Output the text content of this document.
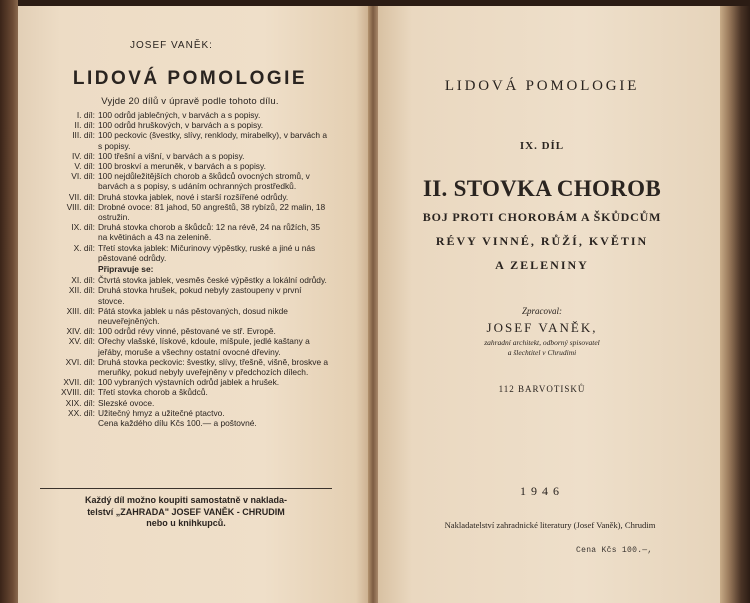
JOSEF VANĚK:
LIDOVÁ POMOLOGIE
Vyjde 20 dílů v úpravě podle tohoto dílu.
I. díl: 100 odrůd jablečných, v barvách a s popisy.
II. díl: 100 odrůd hruškových, v barvách a s popisy.
III. díl: 100 peckovic (švestky, slívy, renklody, mirabelky), v barvách a s popisy.
IV. díl: 100 třešní a višní, v barvách a s popisy.
V. díl: 100 broskví a meruněk, v barvách a s popisy.
VI. díl: 100 nejdůležitějších chorob a škůdců ovocných stromů, v barvách a s popisy, s udáním ochranných prostředků.
VII. díl: Druhá stovka jablek, nové i starší rozšířené odrůdy.
VIII. díl: Drobné ovoce: 81 jahod, 50 angreštů, 38 rybízů, 22 malin, 18 ostružin.
IX. díl: Druhá stovka chorob a škůdců: 12 na révě, 24 na růžích, 35 na květinách a 43 na zelenině.
X. díl: Třetí stovka jablek: Mičurinovy výpěstky, ruské a jiné u nás pěstované odrůdy.
Připravuje se:
XI. díl: Čtvrtá stovka jablek, vesměs české výpěstky a lokální odrůdy.
XII. díl: Druhá stovka hrušek, pokud nebyly zastoupeny v první stovce.
XIII. díl: Pátá stovka jablek u nás pěstovaných, dosud nikde neuveřejněných.
XIV. díl: 100 odrůd révy vinné, pěstované ve stř. Evropě.
XV. díl: Ořechy vlašské, lískové, kdoule, míšpule, jedlé kaštany a jeřáby, moruše a všechny ostatní ovocné dřeviny.
XVI. díl: Druhá stovka peckovic: švestky, slívy, třešně, višně, broskve a meruňky, pokud nebyly uveřejněny v předchozích dílech.
XVII. díl: 100 vybraných výstavních odrůd jablek a hrušek.
XVIII. díl: Třetí stovka chorob a škůdců.
XIX. díl: Slezské ovoce.
XX. díl: Užitečný hmyz a užitečné ptactvo.
Cena každého dílu Kčs 100.— a poštovné.
Každý díl možno koupiti samostatně v naklada-
telství „ZAHRADA" JOSEF VANĚK - CHRUDIM
nebo u knihkupců.
LIDOVÁ POMOLOGIE
IX. DÍL
II. STOVKA CHOROB
BOJ PROTI CHOROBÁM A ŠKŮDCŮM
RÉVY VINNÉ, RŮŽÍ, KVĚTIN
A ZELENINY
Zpracoval:
JOSEF VANĚK,
zahradní architekt, odborný spisovatel
a šlechtitel v Chrudimi
112 BARVOTISKŮ
1946
Nakladatelství zahradnické literatury (Josef Vaněk), Chrudim
Cena Kčs 100.—,
